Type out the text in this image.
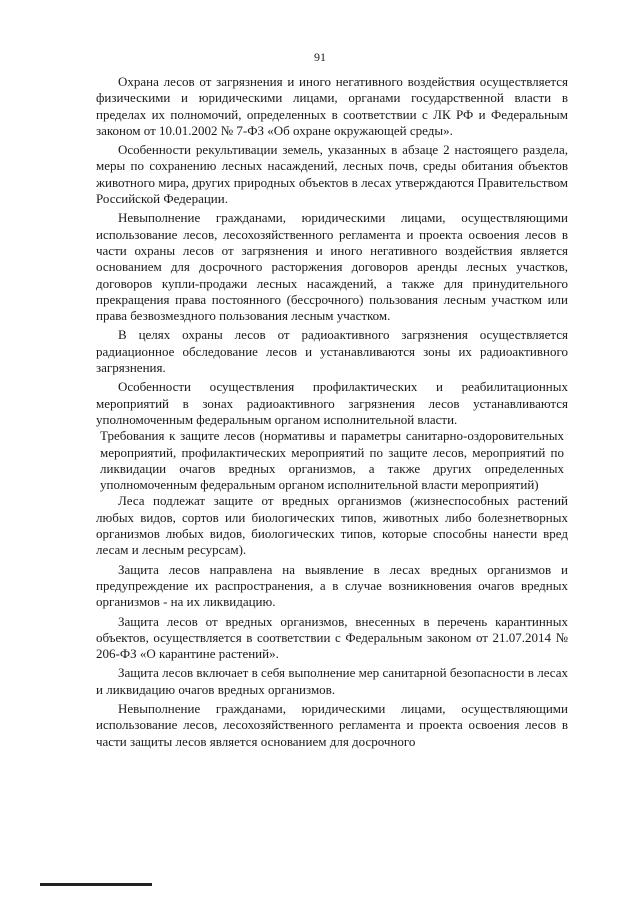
91

Охрана лесов от загрязнения и иного негативного воздействия осуществляется физическими и юридическими лицами, органами государственной власти в пределах их полномочий, определенных в соответствии с ЛК РФ и Федеральным законом от 10.01.2002 № 7-ФЗ «Об охране окружающей среды».

Особенности рекультивации земель, указанных в абзаце 2 настоящего раздела, меры по сохранению лесных насаждений, лесных почв, среды обитания объектов животного мира, других природных объектов в лесах утверждаются Правительством Российской Федерации.

Невыполнение гражданами, юридическими лицами, осуществляющими использование лесов, лесохозяйственного регламента и проекта освоения лесов в части охраны лесов от загрязнения и иного негативного воздействия является основанием для досрочного расторжения договоров аренды лесных участков, договоров купли-продажи лесных насаждений, а также для принудительного прекращения права постоянного (бессрочного) пользования лесным участком или права безвозмездного пользования лесным участком.

В целях охраны лесов от радиоактивного загрязнения осуществляется радиационное обследование лесов и устанавливаются зоны их радиоактивного загрязнения.

Особенности осуществления профилактических и реабилитационных мероприятий в зонах радиоактивного загрязнения лесов устанавливаются уполномоченным федеральным органом исполнительной власти.

Требования к защите лесов (нормативы и параметры санитарно-оздоровительных мероприятий, профилактических мероприятий по защите лесов, мероприятий по ликвидации очагов вредных организмов, а также других определенных уполномоченным федеральным органом исполнительной власти мероприятий)

Леса подлежат защите от вредных организмов (жизнеспособных растений любых видов, сортов или биологических типов, животных либо болезнетворных организмов любых видов, биологических типов, которые способны нанести вред лесам и лесным ресурсам).

Защита лесов направлена на выявление в лесах вредных организмов и предупреждение их распространения, а в случае возникновения очагов вредных организмов - на их ликвидацию.

Защита лесов от вредных организмов, внесенных в перечень карантинных объектов, осуществляется в соответствии с Федеральным законом от 21.07.2014 № 206-ФЗ «О карантине растений».

Защита лесов включает в себя выполнение мер санитарной безопасности в лесах и ликвидацию очагов вредных организмов.

Невыполнение гражданами, юридическими лицами, осуществляющими использование лесов, лесохозяйственного регламента и проекта освоения лесов в части защиты лесов является основанием для досрочного
